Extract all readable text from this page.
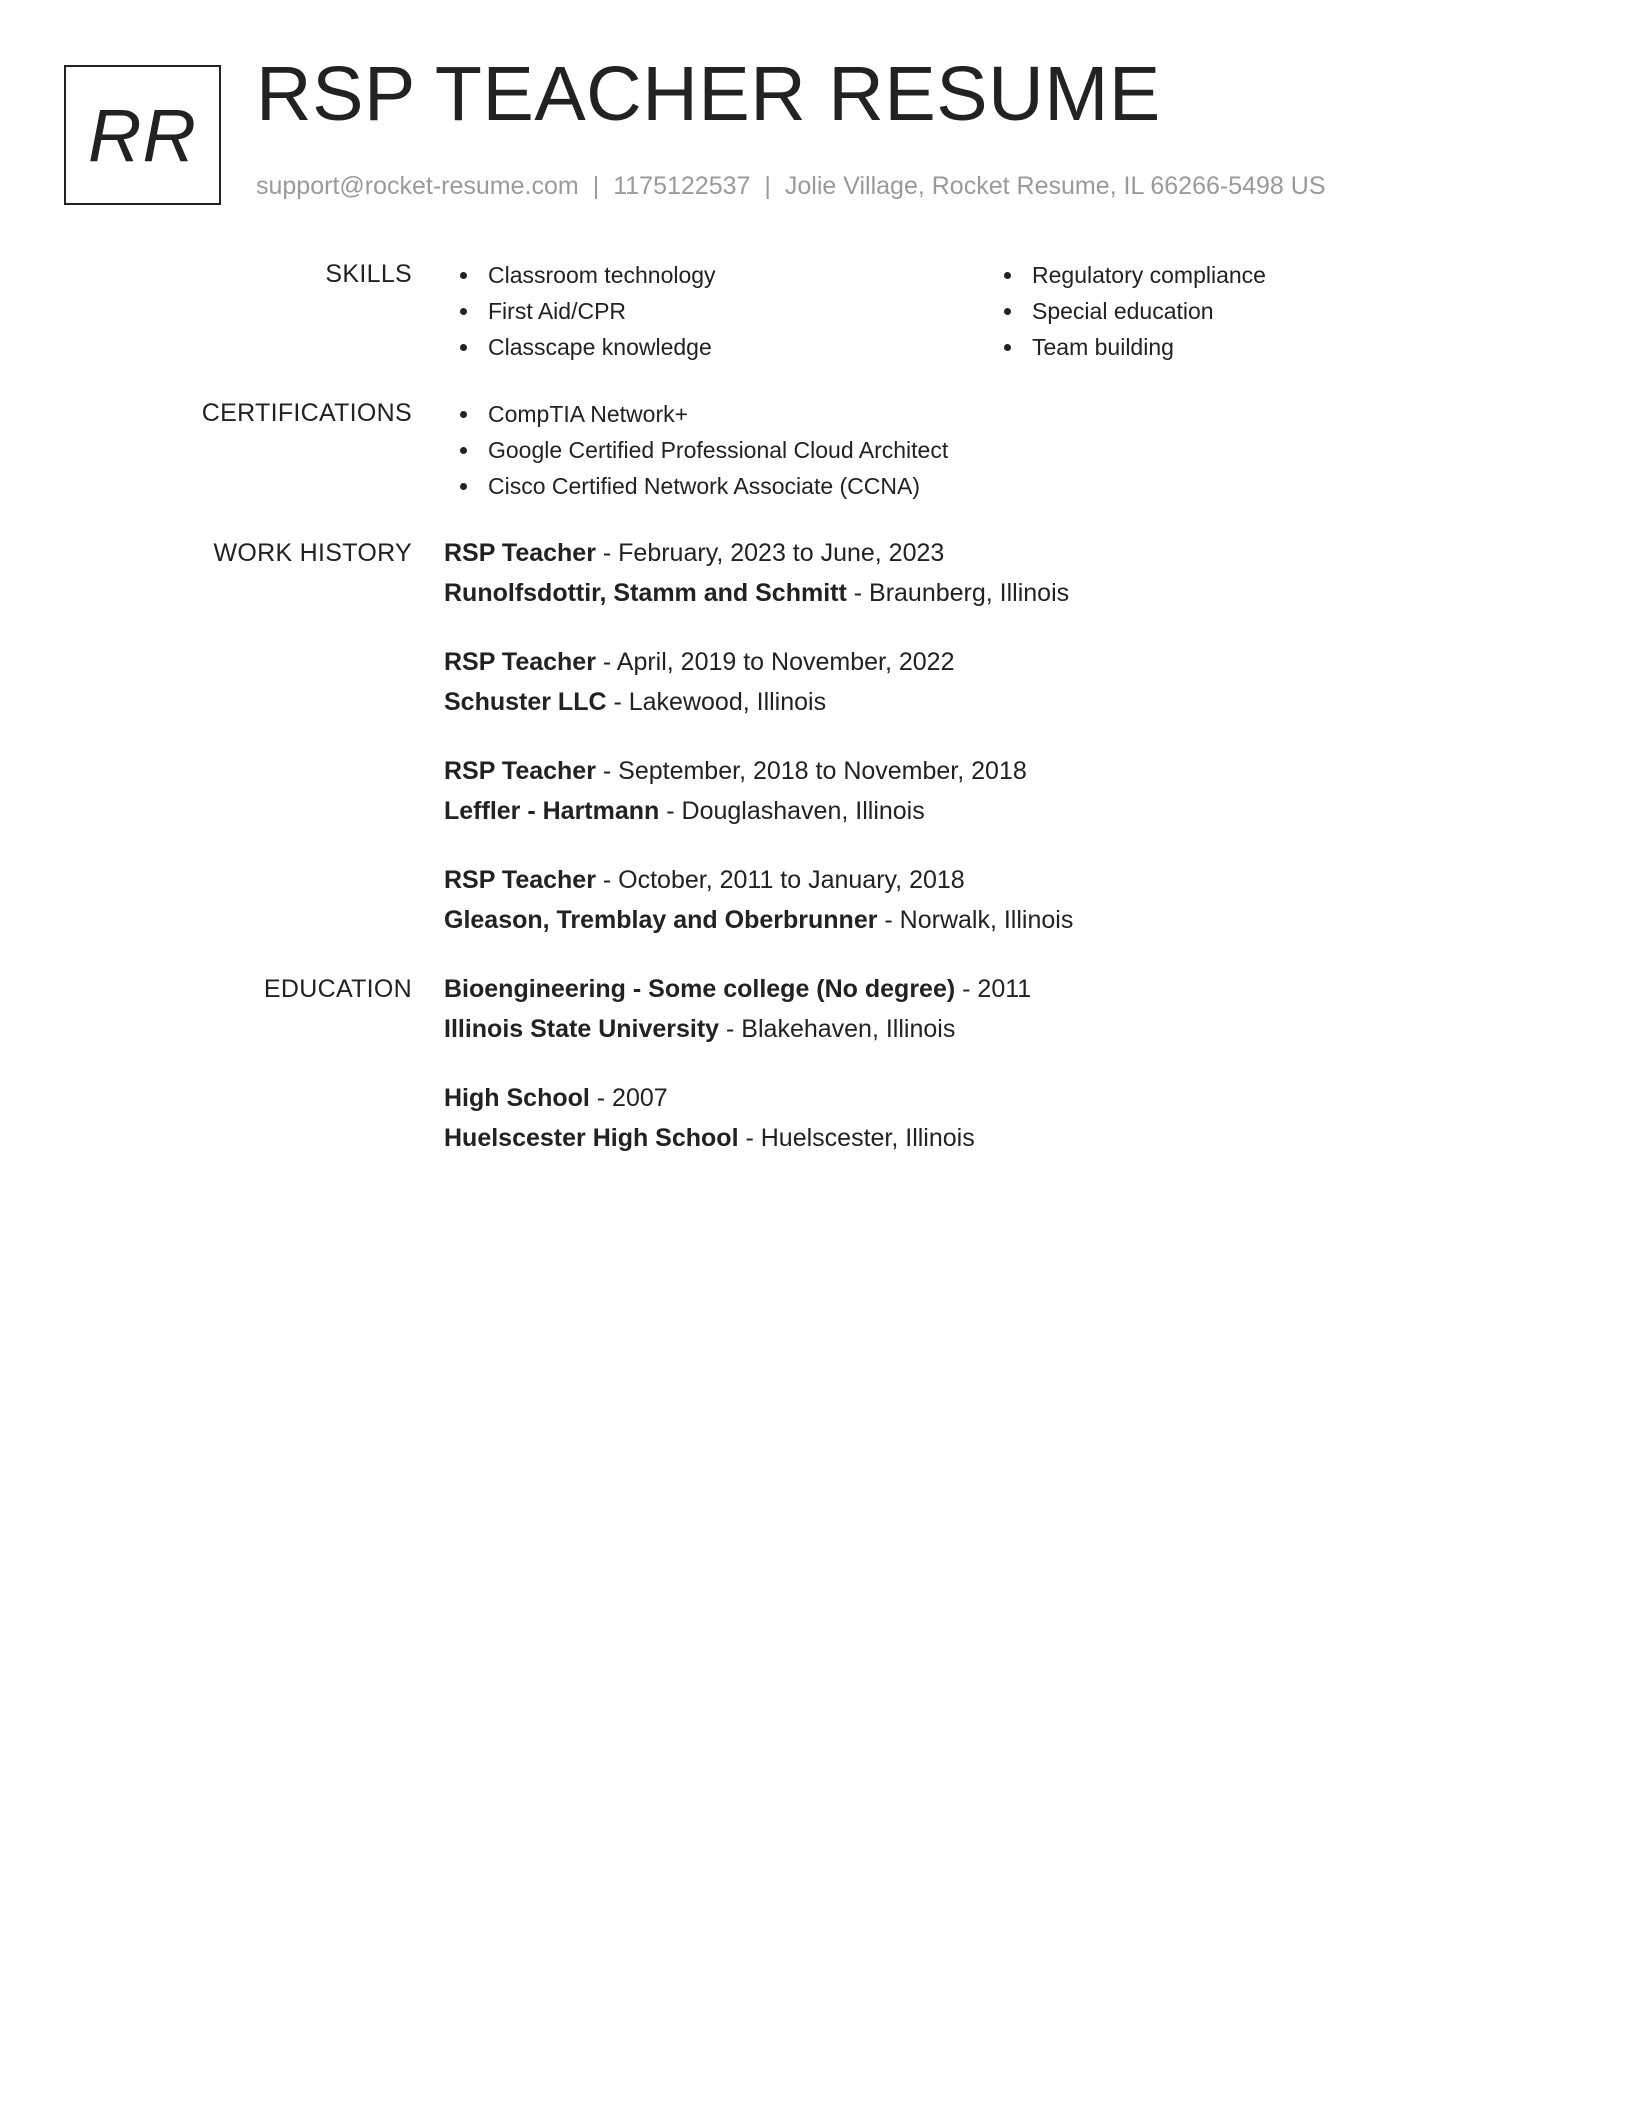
RR RSP TEACHER RESUME
support@rocket-resume.com | 1175122537 | Jolie Village, Rocket Resume, IL 66266-5498 US
SKILLS	Classroom technology
First Aid/CPR
Classcape knowledge
Regulatory compliance
Special education
Team building
CERTIFICATIONS	CompTIA Network+
Google Certified Professional Cloud Architect
Cisco Certified Network Associate (CCNA)
WORK HISTORY RSP Teacher - February, 2023 to June, 2023
Runolfsdottir, Stamm and Schmitt - Braunberg, Illinois
RSP Teacher - April, 2019 to November, 2022
Schuster LLC - Lakewood, Illinois
RSP Teacher - September, 2018 to November, 2018
Leffler - Hartmann - Douglashaven, Illinois
RSP Teacher - October, 2011 to January, 2018
Gleason, Tremblay and Oberbrunner - Norwalk, Illinois
EDUCATION Bioengineering - Some college (No degree) - 2011
Illinois State University - Blakehaven, Illinois
High School - 2007
Huelscester High School - Huelscester, Illinois
